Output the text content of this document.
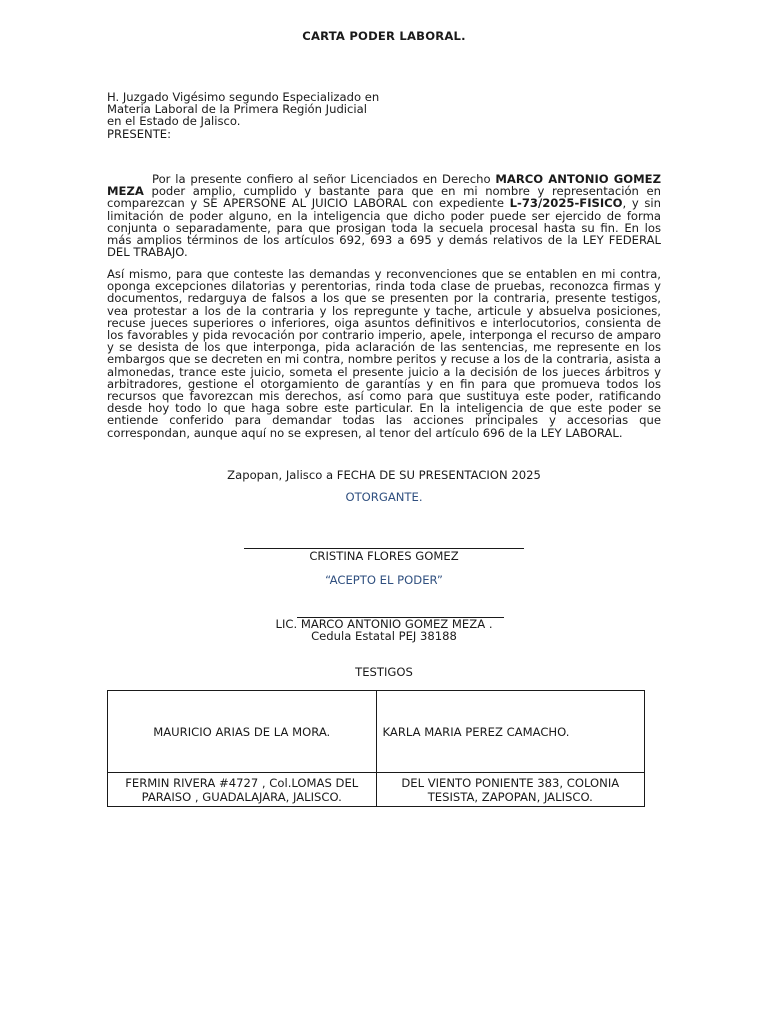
CARTA PODER LABORAL.
H. Juzgado Vigésimo segundo Especializado en
Materia Laboral de la Primera Región Judicial
en el Estado de Jalisco.
PRESENTE:

Por la presente confiero al señor Licenciados en Derecho MARCO ANTONIO GOMEZ MEZA poder amplio, cumplido y bastante para que en mi nombre y representación en comparezcan y SE APERSONE AL JUICIO LABORAL con expediente L-73/2025-FISICO, y sin limitación de poder alguno, en la inteligencia que dicho poder puede ser ejercido de forma conjunta o separadamente, para que prosigan toda la secuela procesal hasta su fin. En los más amplios términos de los artículos 692, 693 a 695 y demás relativos de la LEY FEDERAL DEL TRABAJO.

Así mismo, para que conteste las demandas y reconvenciones que se entablen en mi contra, oponga excepciones dilatorias y perentorias, rinda toda clase de pruebas, reconozca firmas y documentos, redarguya de falsos a los que se presenten por la contraria, presente testigos, vea protestar a los de la contraria y los repregunte y tache, articule y absuelva posiciones, recuse jueces superiores o inferiores, oiga asuntos definitivos e interlocutorios, consienta de los favorables y pida revocación por contrario imperio, apele, interponga el recurso de amparo y se desista de los que interponga, pida aclaración de las sentencias, me represente en los embargos que se decreten en mi contra, nombre peritos y recuse a los de la contraria, asista a almonedas, trance este juicio, someta el presente juicio a la decisión de los jueces árbitros y arbitradores, gestione el otorgamiento de garantías y en fin para que promueva todos los recursos que favorezcan mis derechos, así como para que sustituya este poder, ratificando desde hoy todo lo que haga sobre este particular. En la inteligencia de que este poder se entiende conferido para demandar todas las acciones principales y accesorias que correspondan, aunque aquí no se expresen, al tenor del artículo 696 de la LEY LABORAL.

Zapopan, Jalisco a FECHA DE SU PRESENTACION 2025
OTORGANTE.
CRISTINA FLORES GOMEZ
“ACEPTO EL PODER”
LIC. MARCO ANTONIO GOMEZ MEZA .
Cedula Estatal PEJ 38188
TESTIGOS
MAURICIO ARIAS DE LA MORA.	KARLA MARIA PEREZ CAMACHO.
FERMIN RIVERA #4727 , Col.LOMAS DEL PARAISO , GUADALAJARA, JALISCO.	DEL VIENTO PONIENTE 383, COLONIA TESISTA, ZAPOPAN, JALISCO.
